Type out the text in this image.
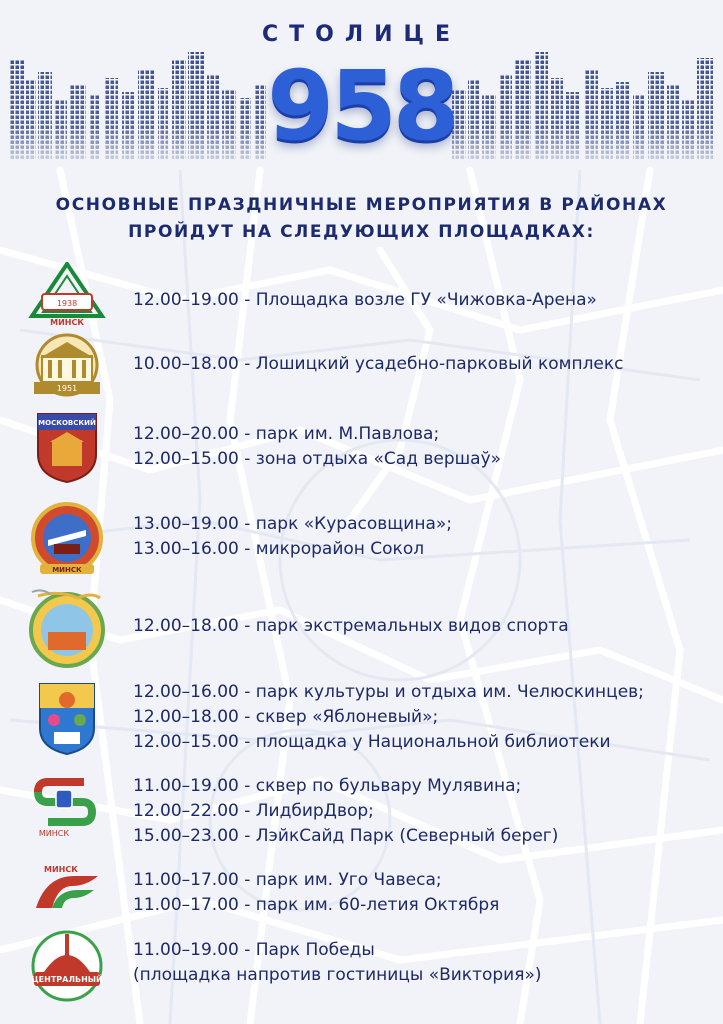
СТОЛИЦЕ
958
ОСНОВНЫЕ ПРАЗДНИЧНЫЕ МЕРОПРИЯТИЯ В РАЙОНАХ
ПРОЙДУТ НА СЛЕДУЮЩИХ ПЛОЩАДКАХ:
1938
МИНСК
12.00–19.00 - Площадка возле ГУ «Чижовка-Арена»
1951
10.00–18.00 - Лошицкий усадебно-парковый комплекс
МОСКОВСКИЙ
12.00–20.00 - парк им. М.Павлова;
12.00–15.00 - зона отдыха «Сад вершаў»
МИНСК
13.00–19.00 - парк «Курасовщина»;
13.00–16.00 - микрорайон Сокол
12.00–18.00 - парк экстремальных видов спорта
12.00–16.00 - парк культуры и отдыха им. Челюскинцев;
12.00–18.00 - сквер «Яблоневый»;
12.00–15.00 - площадка у Национальной библиотеки
МИНСК
11.00–19.00 - сквер по бульвару Мулявина;
12.00–22.00 - ЛидбирДвор;
15.00–23.00 - ЛэйкСайд Парк (Северный берег)
МИНСК
11.00–17.00 - парк им. Уго Чавеса;
11.00–17.00 - парк им. 60-летия Октября
ЦЕНТРАЛЬНЫЙ
11.00–19.00 - Парк Победы
(площадка напротив гостиницы «Виктория»)
